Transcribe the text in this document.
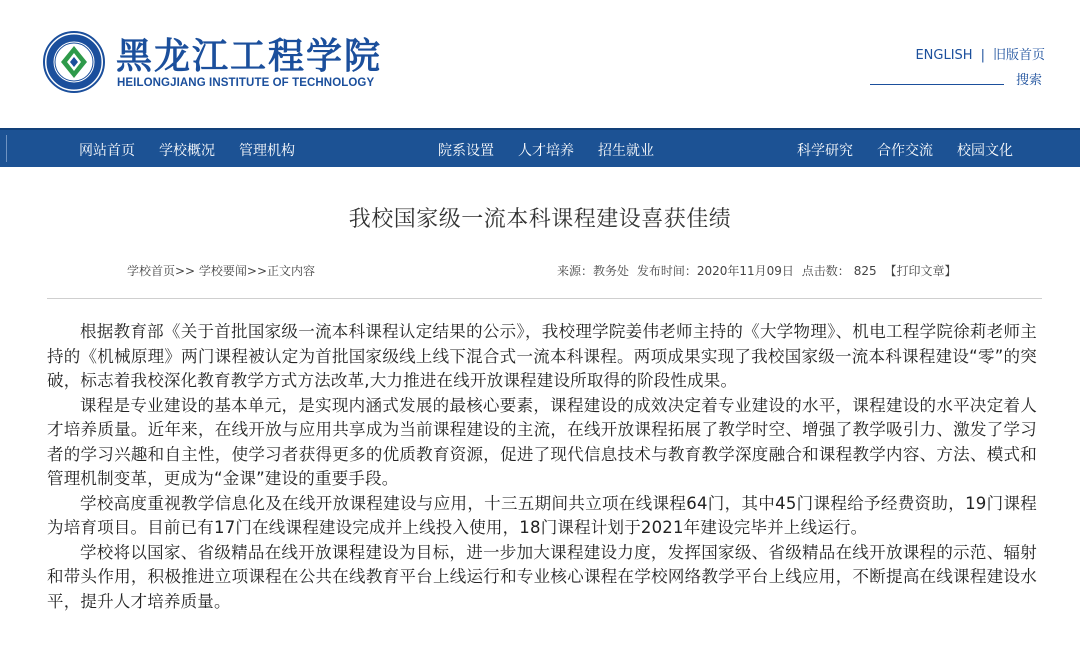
黑龙江工程学院
HEILONGJIANG INSTITUTE OF TECHNOLOGY
ENGLISH | 旧版首页
搜索
网站首页 学校概况 管理机构	院系设置 人才培养 招生就业	科学研究 合作交流 校园文化
我校国家级一流本科课程建设喜获佳绩
学校首页>> 学校要闻>>正文内容	来源：教务处 发布时间：2020年11月09日 点击数： 825 【打印文章】

根据教育部《关于首批国家级一流本科课程认定结果的公示》，我校理学院姜伟老师主持的《大学物理》、机电工程学院徐莉老师主持的《机械原理》两门课程被认定为首批国家级线上线下混合式一流本科课程。两项成果实现了我校国家级一流本科课程建设“零”的突破，标志着我校深化教育教学方式方法改革,大力推进在线开放课程建设所取得的阶段性成果。

课程是专业建设的基本单元，是实现内涵式发展的最核心要素，课程建设的成效决定着专业建设的水平，课程建设的水平决定着人才培养质量。近年来，在线开放与应用共享成为当前课程建设的主流，在线开放课程拓展了教学时空、增强了教学吸引力、激发了学习者的学习兴趣和自主性，使学习者获得更多的优质教育资源，促进了现代信息技术与教育教学深度融合和课程教学内容、方法、模式和管理机制变革，更成为“金课”建设的重要手段。

学校高度重视教学信息化及在线开放课程建设与应用，十三五期间共立项在线课程64门，其中45门课程给予经费资助，19门课程为培育项目。目前已有17门在线课程建设完成并上线投入使用，18门课程计划于2021年建设完毕并上线运行。

学校将以国家、省级精品在线开放课程建设为目标，进一步加大课程建设力度，发挥国家级、省级精品在线开放课程的示范、辐射和带头作用，积极推进立项课程在公共在线教育平台上线运行和专业核心课程在学校网络教学平台上线应用，不断提高在线课程建设水平，提升人才培养质量。
